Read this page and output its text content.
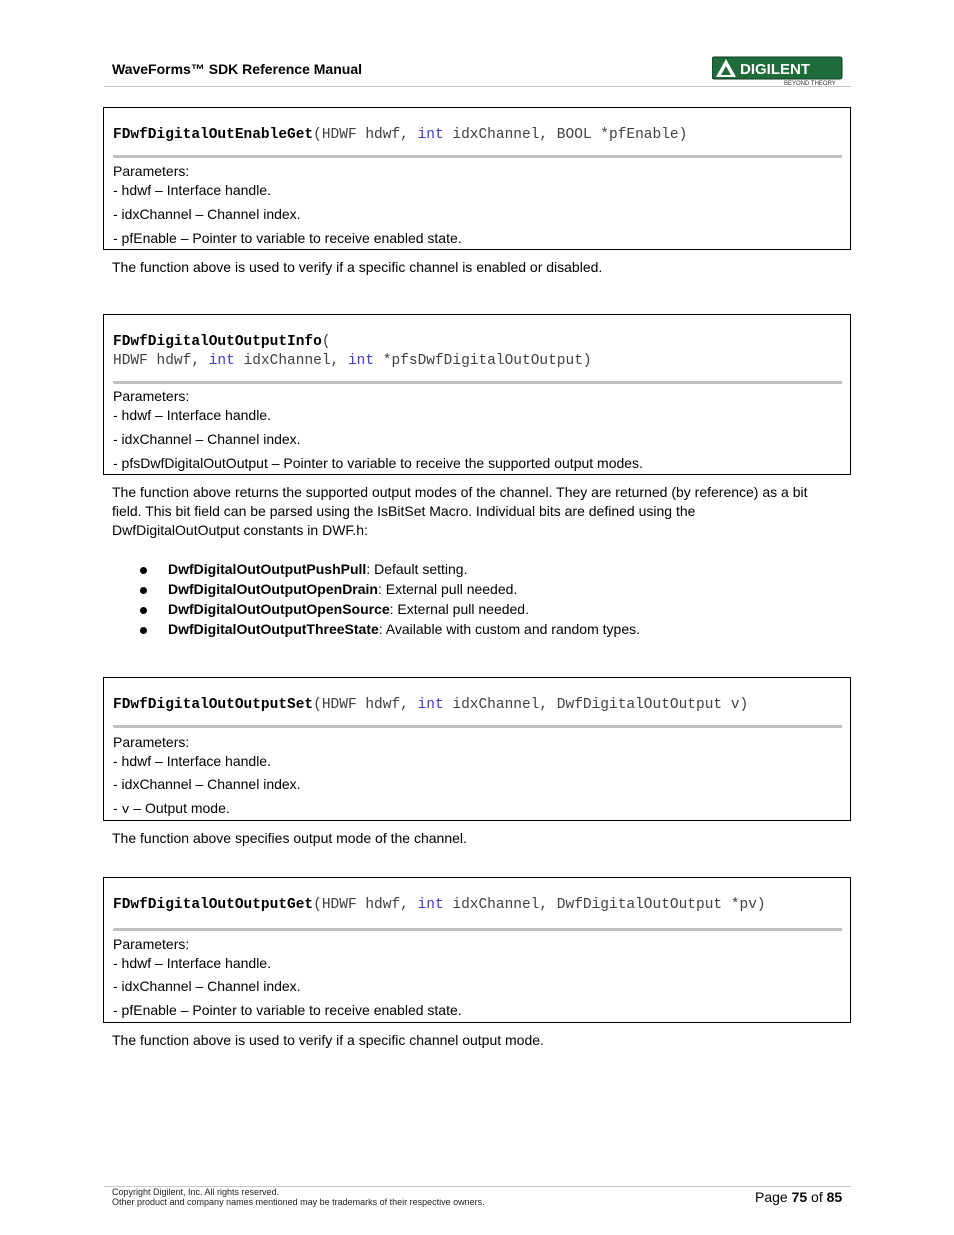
WaveForms™ SDK Reference Manual	DIGILENT
BEYOND THEORY
FDwfDigitalOutEnableGet(HDWF hdwf, int idxChannel, BOOL *pfEnable)
Parameters:
- hdwf – Interface handle.
- idxChannel – Channel index.
- pfEnable – Pointer to variable to receive enabled state.
The function above is used to verify if a specific channel is enabled or disabled.
FDwfDigitalOutOutputInfo(
HDWF hdwf, int idxChannel, int *pfsDwfDigitalOutOutput)
Parameters:
- hdwf – Interface handle.
- idxChannel – Channel index.
- pfsDwfDigitalOutOutput – Pointer to variable to receive the supported output modes.
The function above returns the supported output modes of the channel. They are returned (by reference) as a bit
field. This bit field can be parsed using the IsBitSet Macro. Individual bits are defined using the
DwfDigitalOutOutput constants in DWF.h:
DwfDigitalOutOutputPushPull: Default setting.
DwfDigitalOutOutputOpenDrain: External pull needed.
DwfDigitalOutOutputOpenSource: External pull needed.
DwfDigitalOutOutputThreeState: Available with custom and random types.
FDwfDigitalOutOutputSet(HDWF hdwf, int idxChannel, DwfDigitalOutOutput v)
Parameters:
- hdwf – Interface handle.
- idxChannel – Channel index.
- v – Output mode.
The function above specifies output mode of the channel.
FDwfDigitalOutOutputGet(HDWF hdwf, int idxChannel, DwfDigitalOutOutput *pv)
Parameters:
- hdwf – Interface handle.
- idxChannel – Channel index.
- pfEnable – Pointer to variable to receive enabled state.
The function above is used to verify if a specific channel output mode.
Copyright Digilent, Inc. All rights reserved.
Other product and company names mentioned may be trademarks of their respective owners.	Page 75 of 85
